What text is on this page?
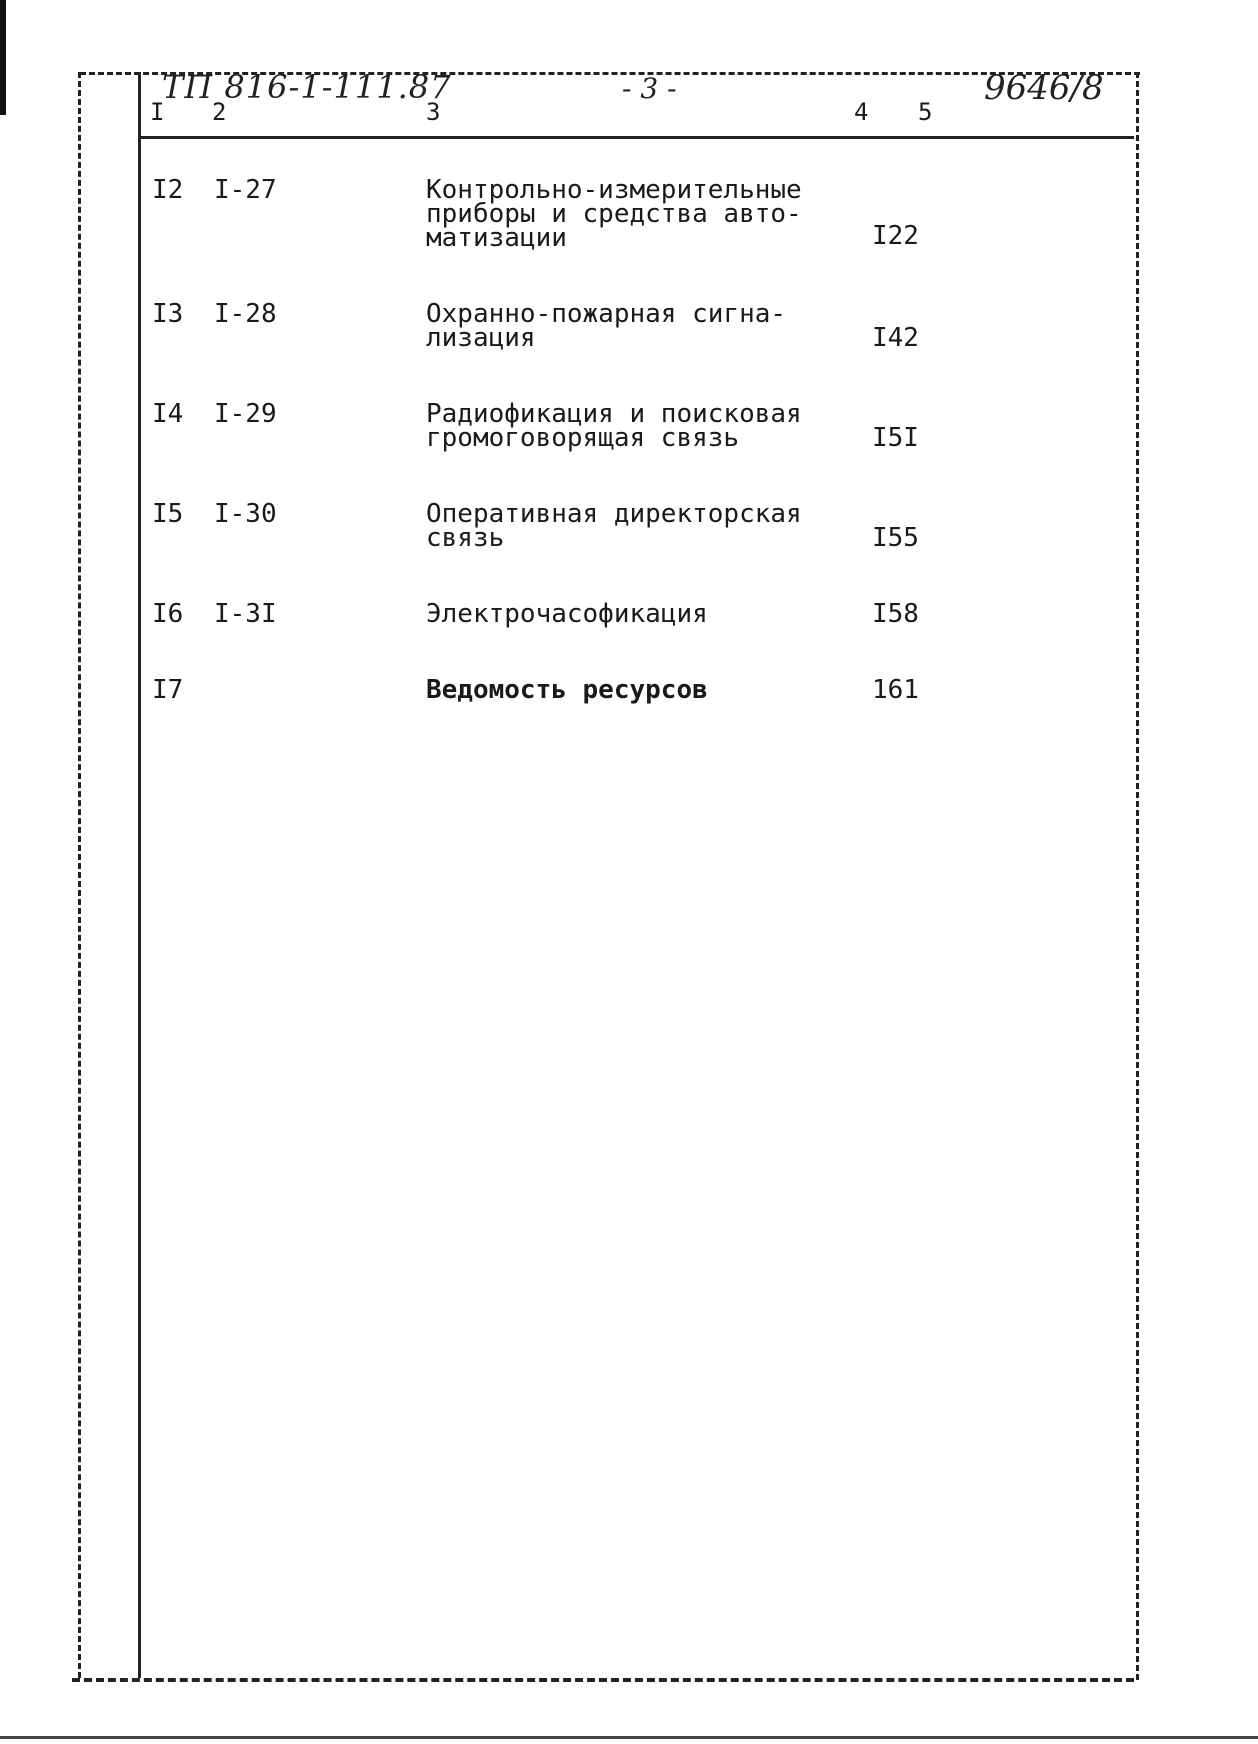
ТП 816-1-111.87	- 3 -	9646/8
I 2	3	4 5
I2 I-27	Контрольно-измерительные
приборы и средства авто-
матизации	I22
I3 I-28	Охранно-пожарная сигна-
лизация	I42
I4 I-29	Радиофикация и поисковая
громоговорящая связь	I5I
I5 I-30	Оперативная директорская
связь	I55
I6 I-3I	Электрочасофикация	I58
I7	Ведомость ресурсов	161
